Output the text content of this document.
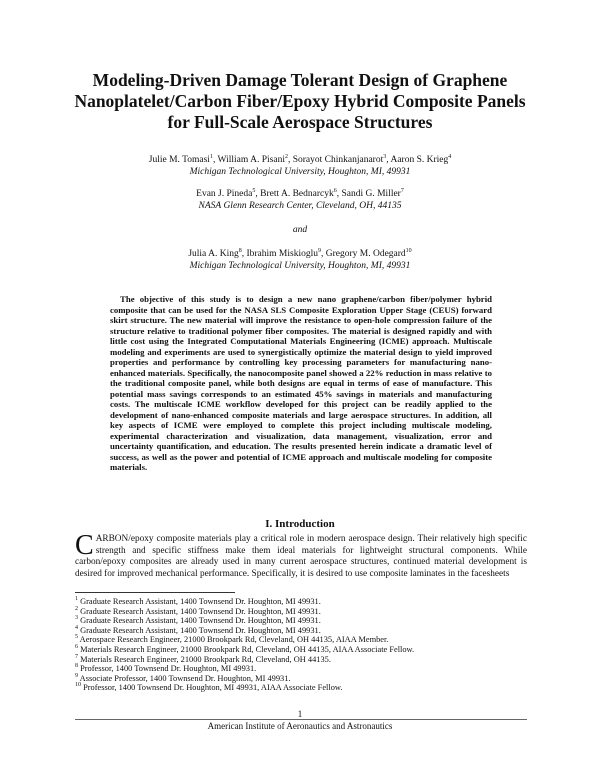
Modeling-Driven Damage Tolerant Design of Graphene
Nanoplatelet/Carbon Fiber/Epoxy Hybrid Composite Panels
for Full-Scale Aerospace Structures
Julie M. Tomasi$^1$, William A. Pisani$^2$, Sorayot Chinkanjanarot$^3$, Aaron S. Krieg$^4$
Michigan Technological University, Houghton, MI, 49931
Evan J. Pineda$^5$, Brett A. Bednarcyk$^6$, Sandi G. Miller$^7$
NASA Glenn Research Center, Cleveland, OH, 44135
and
Julia A. King$^8$, Ibrahim Miskioglu$^9$, Gregory M. Odegard$^{10}$
Michigan Technological University, Houghton, MI, 49931
The objective of this study is to design a new nano graphene/carbon fiber/polymer hybrid composite that can be used for the NASA SLS Composite Exploration Upper Stage (CEUS) forward skirt structure. The new material will improve the resistance to open-hole compression failure of the structure relative to traditional polymer fiber composites. The material is designed rapidly and with little cost using the Integrated Computational Materials Engineering (ICME) approach. Multiscale modeling and experiments are used to synergistically optimize the material design to yield improved properties and performance by controlling key processing parameters for manufacturing nano-enhanced materials. Specifically, the nanocomposite panel showed a 22% reduction in mass relative to the traditional composite panel, while both designs are equal in terms of ease of manufacture. This potential mass savings corresponds to an estimated 45% savings in materials and manufacturing costs. The multiscale ICME workflow developed for this project can be readily applied to the development of nano-enhanced composite materials and large aerospace structures. In addition, all key aspects of ICME were employed to complete this project including multiscale modeling, experimental characterization and visualization, data management, visualization, error and uncertainty quantification, and education. The results presented herein indicate a dramatic level of success, as well as the power and potential of ICME approach and multiscale modeling for composite materials.
I. Introduction
CARBON/epoxy composite materials play a critical role in modern aerospace design. Their relatively high specific strength and specific stiffness make them ideal materials for lightweight structural components. While carbon/epoxy composites are already used in many current aerospace structures, continued material development is desired for improved mechanical performance. Specifically, it is desired to use composite laminates in the facesheets
$^1$ Graduate Research Assistant, 1400 Townsend Dr. Houghton, MI 49931.
$^2$ Graduate Research Assistant, 1400 Townsend Dr. Houghton, MI 49931.
$^3$ Graduate Research Assistant, 1400 Townsend Dr. Houghton, MI 49931.
$^4$ Graduate Research Assistant, 1400 Townsend Dr. Houghton, MI 49931.
$^5$ Aerospace Research Engineer, 21000 Brookpark Rd, Cleveland, OH 44135, AIAA Member.
$^6$ Materials Research Engineer, 21000 Brookpark Rd, Cleveland, OH 44135, AIAA Associate Fellow.
$^7$ Materials Research Engineer, 21000 Brookpark Rd, Cleveland, OH 44135.
$^8$ Professor, 1400 Townsend Dr. Houghton, MI 49931.
$^9$ Associate Professor, 1400 Townsend Dr. Houghton, MI 49931.
$^{10}$ Professor, 1400 Townsend Dr. Houghton, MI 49931, AIAA Associate Fellow.
1
American Institute of Aeronautics and Astronautics
